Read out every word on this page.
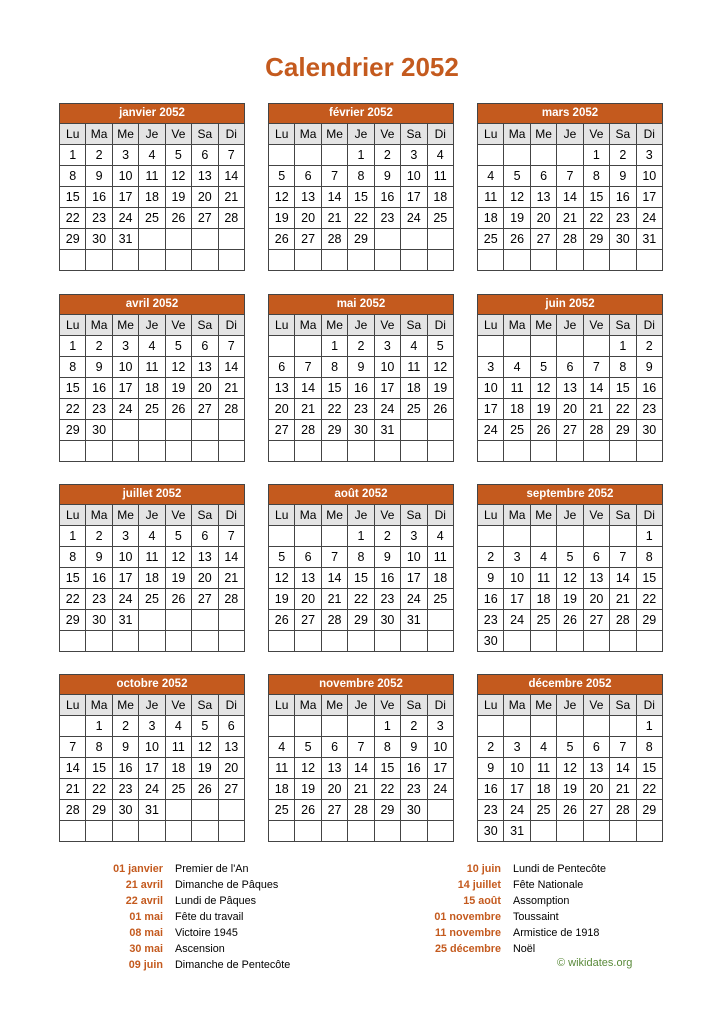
Calendrier 2052
janvier 2052						
Lu	Ma	Me	Je	Ve	Sa	Di
1	2	3	4	5	6	7
8	9	10	11	12	13	14
15	16	17	18	19	20	21
22	23	24	25	26	27	28
29	30	31				

février 2052						
Lu	Ma	Me	Je	Ve	Sa	Di
			1	2	3	4
5	6	7	8	9	10	11
12	13	14	15	16	17	18
19	20	21	22	23	24	25
26	27	28	29			

mars 2052						
Lu	Ma	Me	Je	Ve	Sa	Di
				1	2	3
4	5	6	7	8	9	10
11	12	13	14	15	16	17
18	19	20	21	22	23	24
25	26	27	28	29	30	31

avril 2052						
Lu	Ma	Me	Je	Ve	Sa	Di
1	2	3	4	5	6	7
8	9	10	11	12	13	14
15	16	17	18	19	20	21
22	23	24	25	26	27	28
29	30					

mai 2052						
Lu	Ma	Me	Je	Ve	Sa	Di
		1	2	3	4	5
6	7	8	9	10	11	12
13	14	15	16	17	18	19
20	21	22	23	24	25	26
27	28	29	30	31		

juin 2052						
Lu	Ma	Me	Je	Ve	Sa	Di
					1	2
3	4	5	6	7	8	9
10	11	12	13	14	15	16
17	18	19	20	21	22	23
24	25	26	27	28	29	30

juillet 2052						
Lu	Ma	Me	Je	Ve	Sa	Di
1	2	3	4	5	6	7
8	9	10	11	12	13	14
15	16	17	18	19	20	21
22	23	24	25	26	27	28
29	30	31				

août 2052						
Lu	Ma	Me	Je	Ve	Sa	Di
			1	2	3	4
5	6	7	8	9	10	11
12	13	14	15	16	17	18
19	20	21	22	23	24	25
26	27	28	29	30	31	

septembre 2052						
Lu	Ma	Me	Je	Ve	Sa	Di
						1
2	3	4	5	6	7	8
9	10	11	12	13	14	15
16	17	18	19	20	21	22
23	24	25	26	27	28	29
30						
octobre 2052						
Lu	Ma	Me	Je	Ve	Sa	Di
	1	2	3	4	5	6
7	8	9	10	11	12	13
14	15	16	17	18	19	20
21	22	23	24	25	26	27
28	29	30	31			

novembre 2052						
Lu	Ma	Me	Je	Ve	Sa	Di
				1	2	3
4	5	6	7	8	9	10
11	12	13	14	15	16	17
18	19	20	21	22	23	24
25	26	27	28	29	30	

décembre 2052						
Lu	Ma	Me	Je	Ve	Sa	Di
						1
2	3	4	5	6	7	8
9	10	11	12	13	14	15
16	17	18	19	20	21	22
23	24	25	26	27	28	29
30	31					
01 janvier	Premier de l'An
21 avril	Dimanche de Pâques
22 avril	Lundi de Pâques
01 mai	Fête du travail
08 mai	Victoire 1945
30 mai	Ascension
09 juin	Dimanche de Pentecôte
10 juin	Lundi de Pentecôte
14 juillet	Fête Nationale
15 août	Assomption
01 novembre	Toussaint
11 novembre	Armistice de 1918
25 décembre	Noël
© wikidates.org
